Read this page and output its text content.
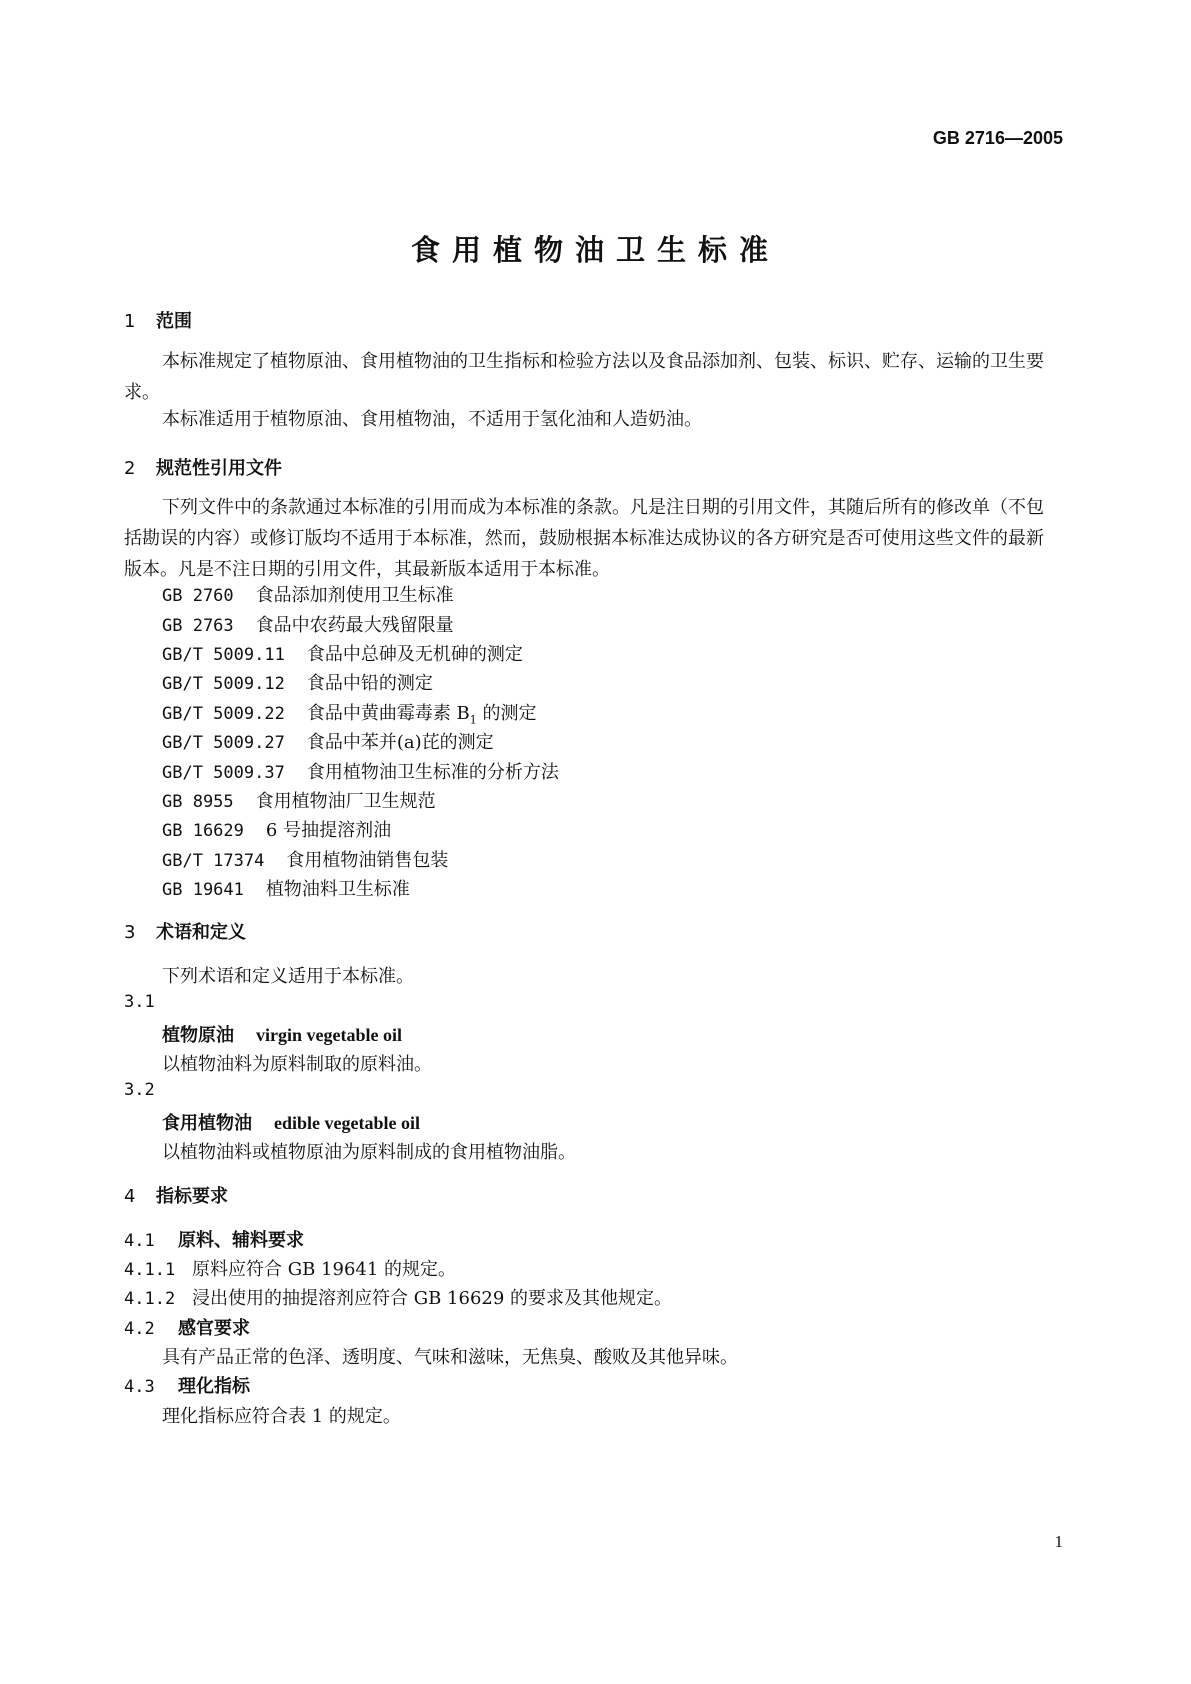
GB 2716—2005
食用植物油卫生标准
1 范围
本标准规定了植物原油、食用植物油的卫生指标和检验方法以及食品添加剂、包装、标识、贮存、运输的卫生要求。
本标准适用于植物原油、食用植物油，不适用于氢化油和人造奶油。
2 规范性引用文件
下列文件中的条款通过本标准的引用而成为本标准的条款。凡是注日期的引用文件，其随后所有的修改单（不包括勘误的内容）或修订版均不适用于本标准，然而，鼓励根据本标准达成协议的各方研究是否可使用这些文件的最新版本。凡是不注日期的引用文件，其最新版本适用于本标准。
GB 2760 食品添加剂使用卫生标准
GB 2763 食品中农药最大残留限量
GB/T 5009.11 食品中总砷及无机砷的测定
GB/T 5009.12 食品中铅的测定
GB/T 5009.22 食品中黄曲霉毒素 $B_1$ 的测定
GB/T 5009.27 食品中苯并(a)芘的测定
GB/T 5009.37 食用植物油卫生标准的分析方法
GB 8955 食用植物油厂卫生规范
GB 16629 6 号抽提溶剂油
GB/T 17374 食用植物油销售包装
GB 19641 植物油料卫生标准
3 术语和定义
下列术语和定义适用于本标准。
3.1
植物原油 virgin vegetable oil
以植物油料为原料制取的原料油。
3.2
食用植物油 edible vegetable oil
以植物油料或植物原油为原料制成的食用植物油脂。
4 指标要求
4.1 原料、辅料要求
4.1.1 原料应符合 GB 19641 的规定。
4.1.2 浸出使用的抽提溶剂应符合 GB 16629 的要求及其他规定。
4.2 感官要求
具有产品正常的色泽、透明度、气味和滋味，无焦臭、酸败及其他异味。
4.3 理化指标
理化指标应符合表 1 的规定。
1
